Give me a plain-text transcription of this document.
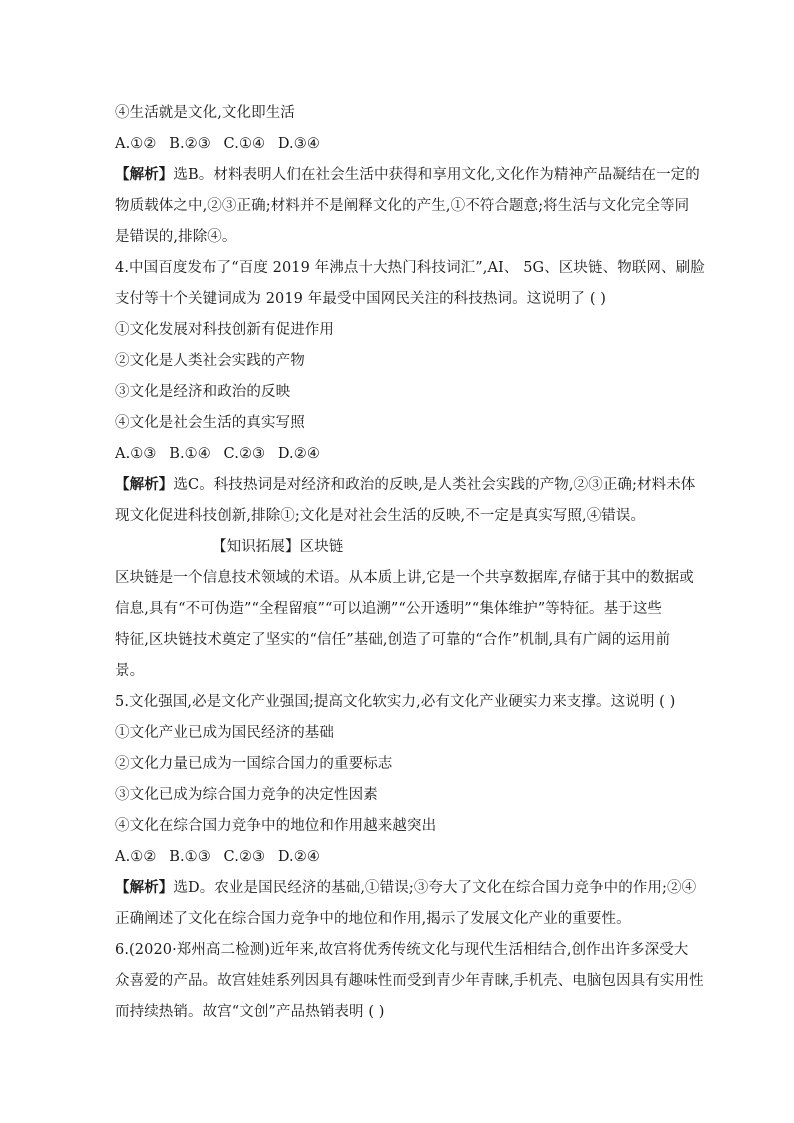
④生活就是文化,文化即生活
A.①② B.②③ C.①④ D.③④
【解析】选B。材料表明人们在社会生活中获得和享用文化,文化作为精神产品凝结在一定的
物质载体之中,②③正确;材料并不是阐释文化的产生,①不符合题意;将生活与文化完全等同
是错误的,排除④。
4.中国百度发布了“百度 2019 年沸点十大热门科技词汇”,AI、 5G、区块链、物联网、刷脸
支付等十个关键词成为 2019 年最受中国网民关注的科技热词。这说明了 ( )
①文化发展对科技创新有促进作用
②文化是人类社会实践的产物
③文化是经济和政治的反映
④文化是社会生活的真实写照
A.①③ B.①④ C.②③ D.②④
【解析】选C。科技热词是对经济和政治的反映,是人类社会实践的产物,②③正确;材料未体
现文化促进科技创新,排除①;文化是对社会生活的反映,不一定是真实写照,④错误。
【知识拓展】区块链
区块链是一个信息技术领域的术语。从本质上讲,它是一个共享数据库,存储于其中的数据或
信息,具有“不可伪造”“全程留痕”“可以追溯”“公开透明”“集体维护”等特征。基于这些
特征,区块链技术奠定了坚实的“信任”基础,创造了可靠的“合作”机制,具有广阔的运用前
景。
5.文化强国,必是文化产业强国;提高文化软实力,必有文化产业硬实力来支撑。这说明 ( )
①文化产业已成为国民经济的基础
②文化力量已成为一国综合国力的重要标志
③文化已成为综合国力竞争的决定性因素
④文化在综合国力竞争中的地位和作用越来越突出
A.①② B.①③ C.②③ D.②④
【解析】选D。农业是国民经济的基础,①错误;③夸大了文化在综合国力竞争中的作用;②④
正确阐述了文化在综合国力竞争中的地位和作用,揭示了发展文化产业的重要性。
6.(2020·郑州高二检测)近年来,故宫将优秀传统文化与现代生活相结合,创作出许多深受大
众喜爱的产品。故宫娃娃系列因具有趣味性而受到青少年青睐,手机壳、电脑包因具有实用性
而持续热销。故宫“文创”产品热销表明 ( )
